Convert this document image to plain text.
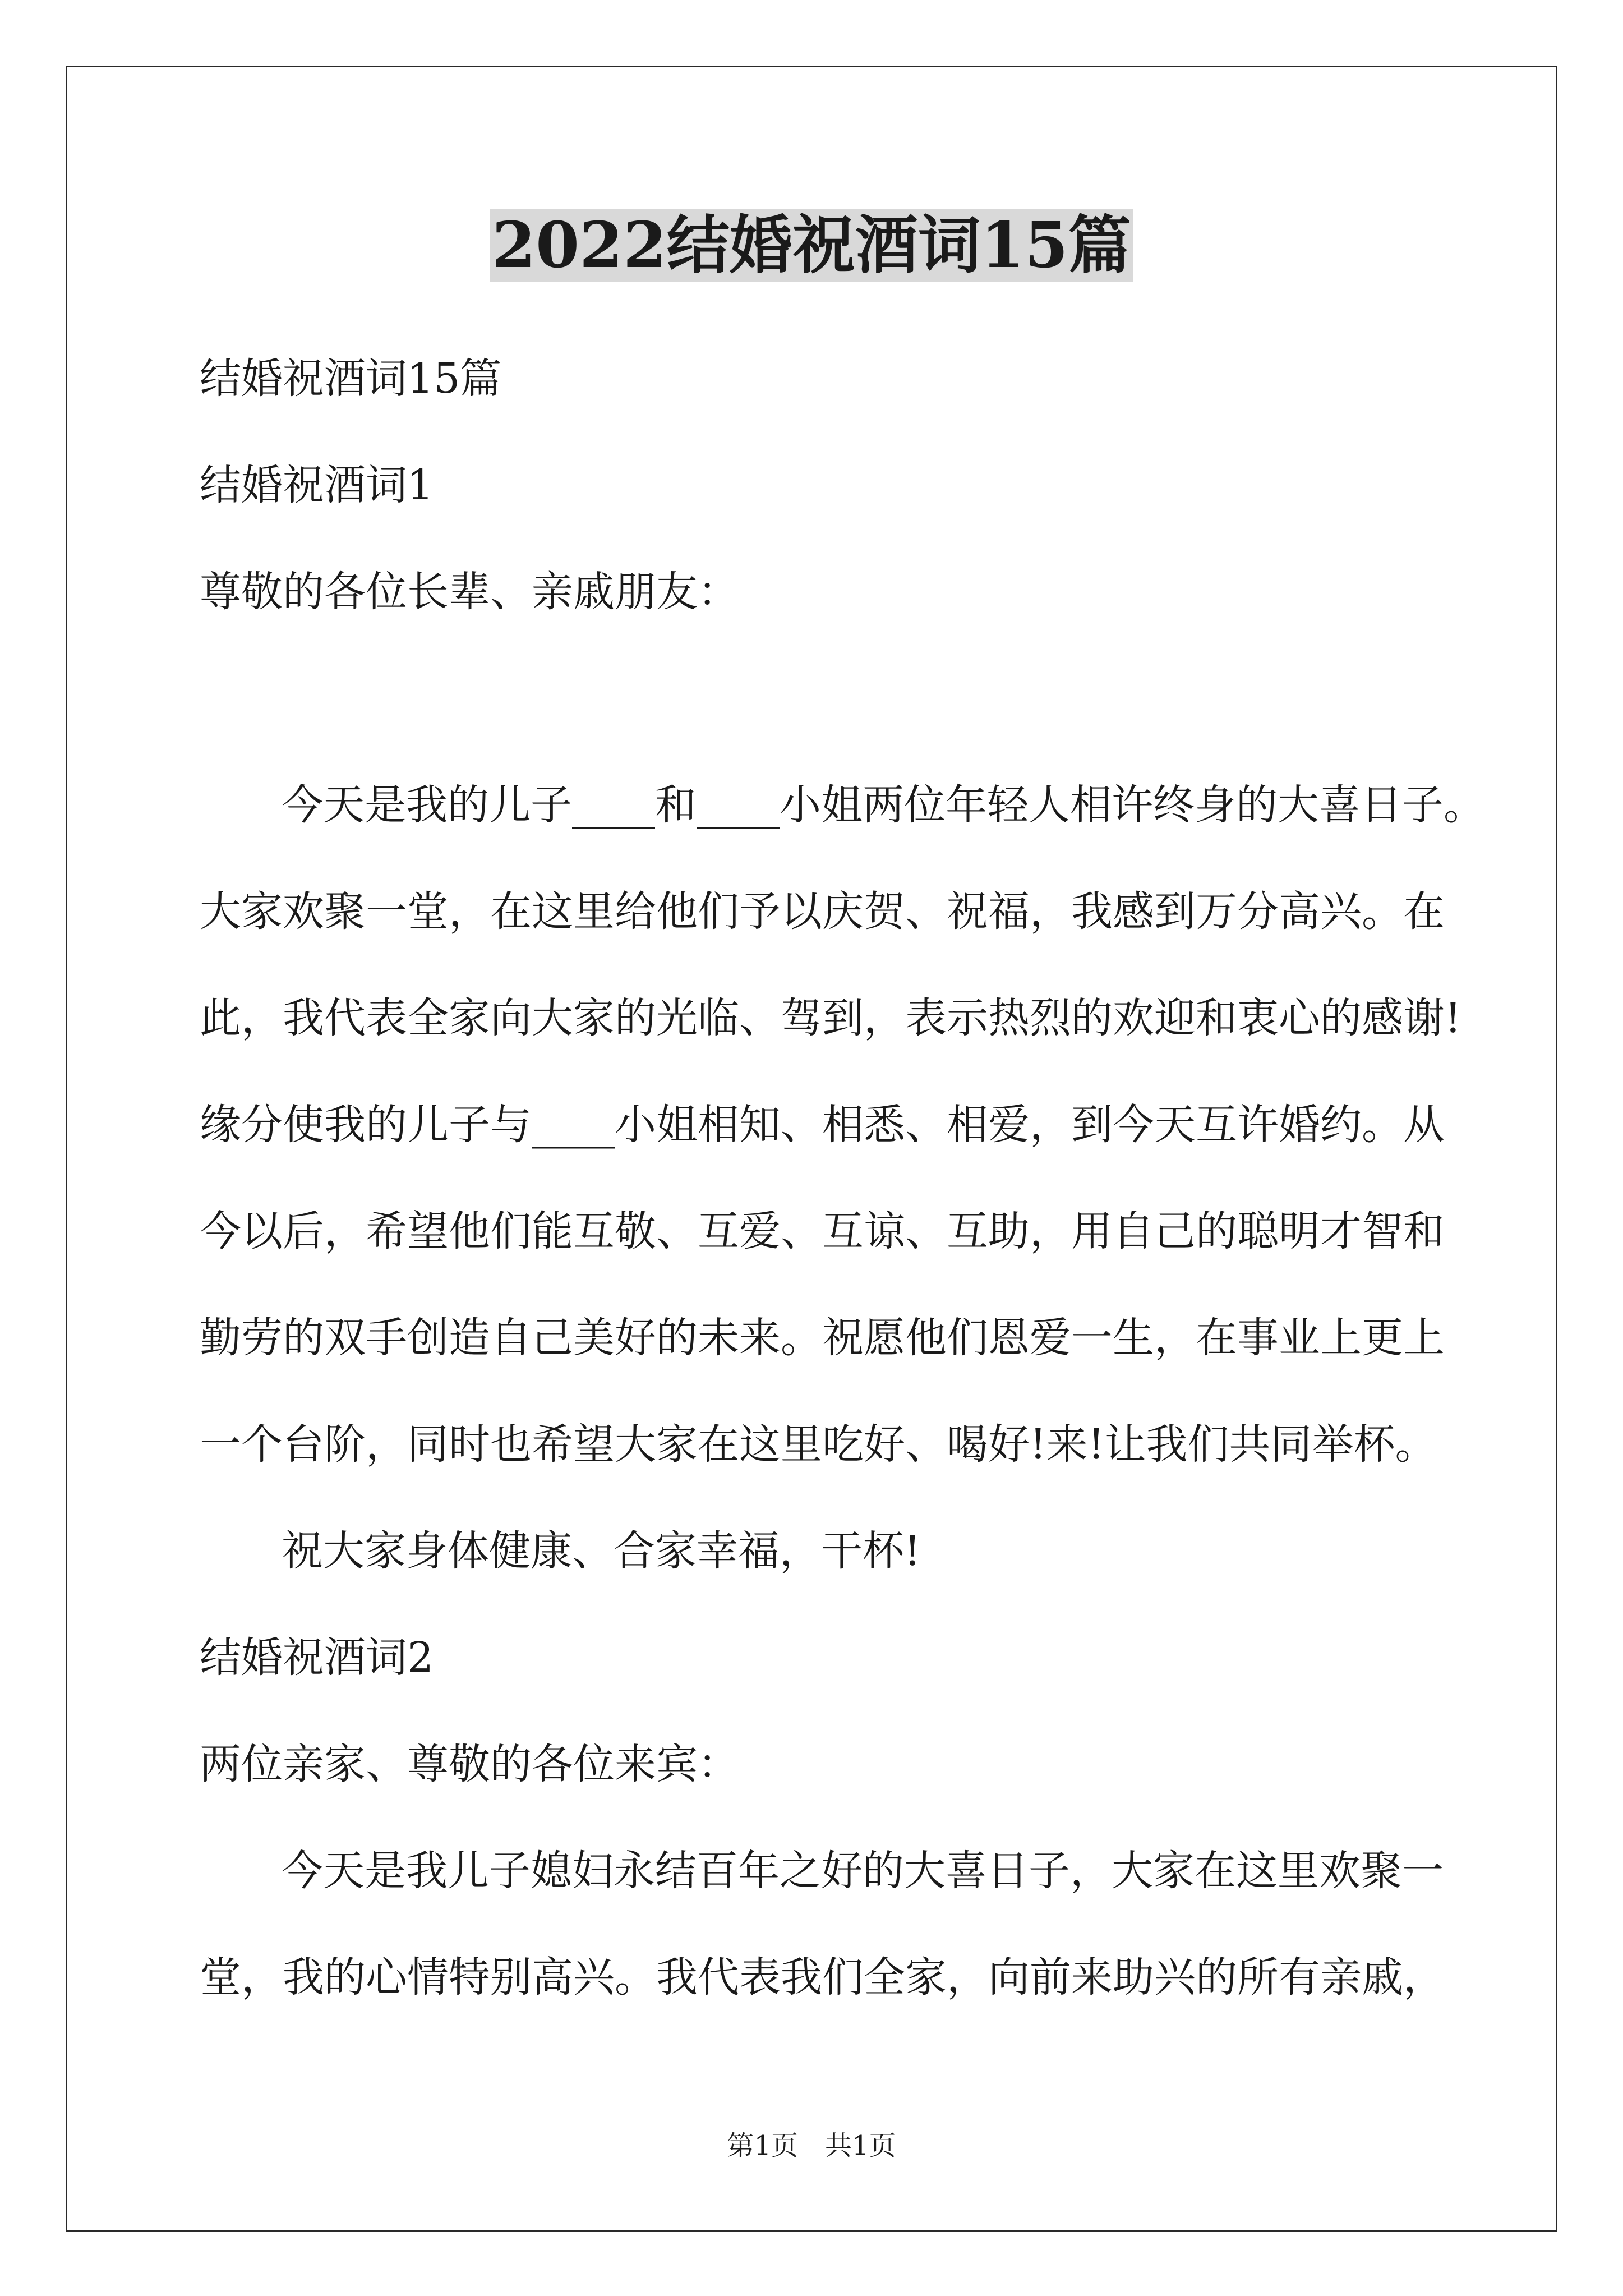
2022结婚祝酒词15篇

结婚祝酒词15篇

结婚祝酒词1

尊敬的各位长辈、亲戚朋友：

今天是我的儿子____和____小姐两位年轻人相许终身的大喜日子。

大家欢聚一堂，在这里给他们予以庆贺、祝福，我感到万分高兴。在

此，我代表全家向大家的光临、驾到，表示热烈的欢迎和衷心的感谢!

缘分使我的儿子与____小姐相知、相悉、相爱，到今天互许婚约。从

今以后，希望他们能互敬、互爱、互谅、互助，用自己的聪明才智和

勤劳的双手创造自己美好的未来。祝愿他们恩爱一生，在事业上更上

一个台阶，同时也希望大家在这里吃好、喝好!来!让我们共同举杯。

祝大家身体健康、合家幸福，干杯!

结婚祝酒词2

两位亲家、尊敬的各位来宾：

今天是我儿子媳妇永结百年之好的大喜日子，大家在这里欢聚一

堂，我的心情特别高兴。我代表我们全家，向前来助兴的所有亲戚，

第1页　共1页
